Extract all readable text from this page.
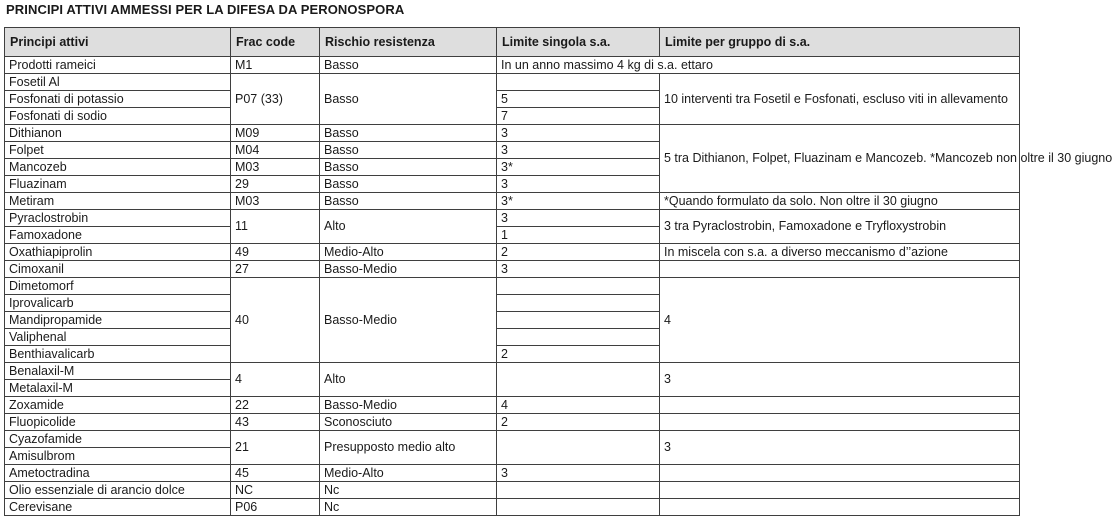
PRINCIPI ATTIVI AMMESSI PER LA DIFESA DA PERONOSPORA
Principi attivi	Frac code	Rischio resistenza	Limite singola s.a.	Limite per gruppo di s.a.
Prodotti rameici	M1	Basso	In un anno massimo 4 kg di s.a. ettaro	
Fosetil Al	P07 (33)	Basso		10 interventi tra Fosetil e Fosfonati, escluso viti in allevamento
Fosfonati di potassio			5	
Fosfonati di sodio			7	
Dithianon	M09	Basso	3	5 tra Dithianon, Folpet, Fluazinam e Mancozeb. *Mancozeb non oltre il 30 giugno
Folpet	M04	Basso	3	
Mancozeb	M03	Basso	3*	
Fluazinam	29	Basso	3	
Metiram	M03	Basso	3*	*Quando formulato da solo. Non oltre il 30 giugno
Pyraclostrobin	11	Alto	3	3 tra Pyraclostrobin, Famoxadone e Tryfloxystrobin
Famoxadone			1	
Oxathiapiprolin	49	Medio-Alto	2	In miscela con s.a. a diverso meccanismo d’’azione
Cimoxanil	27	Basso-Medio	3	
Dimetomorf	40	Basso-Medio		4
Iprovalicarb				
Mandipropamide				
Valiphenal				
Benthiavalicarb			2	
Benalaxil-M	4	Alto		3
Metalaxil-M				
Zoxamide	22	Basso-Medio	4	
Fluopicolide	43	Sconosciuto	2	
Cyazofamide	21	Presupposto medio alto		3
Amisulbrom				
Ametoctradina	45	Medio-Alto	3	
Olio essenziale di arancio dolce	NC	Nc		
Cerevisane	P06	Nc		
